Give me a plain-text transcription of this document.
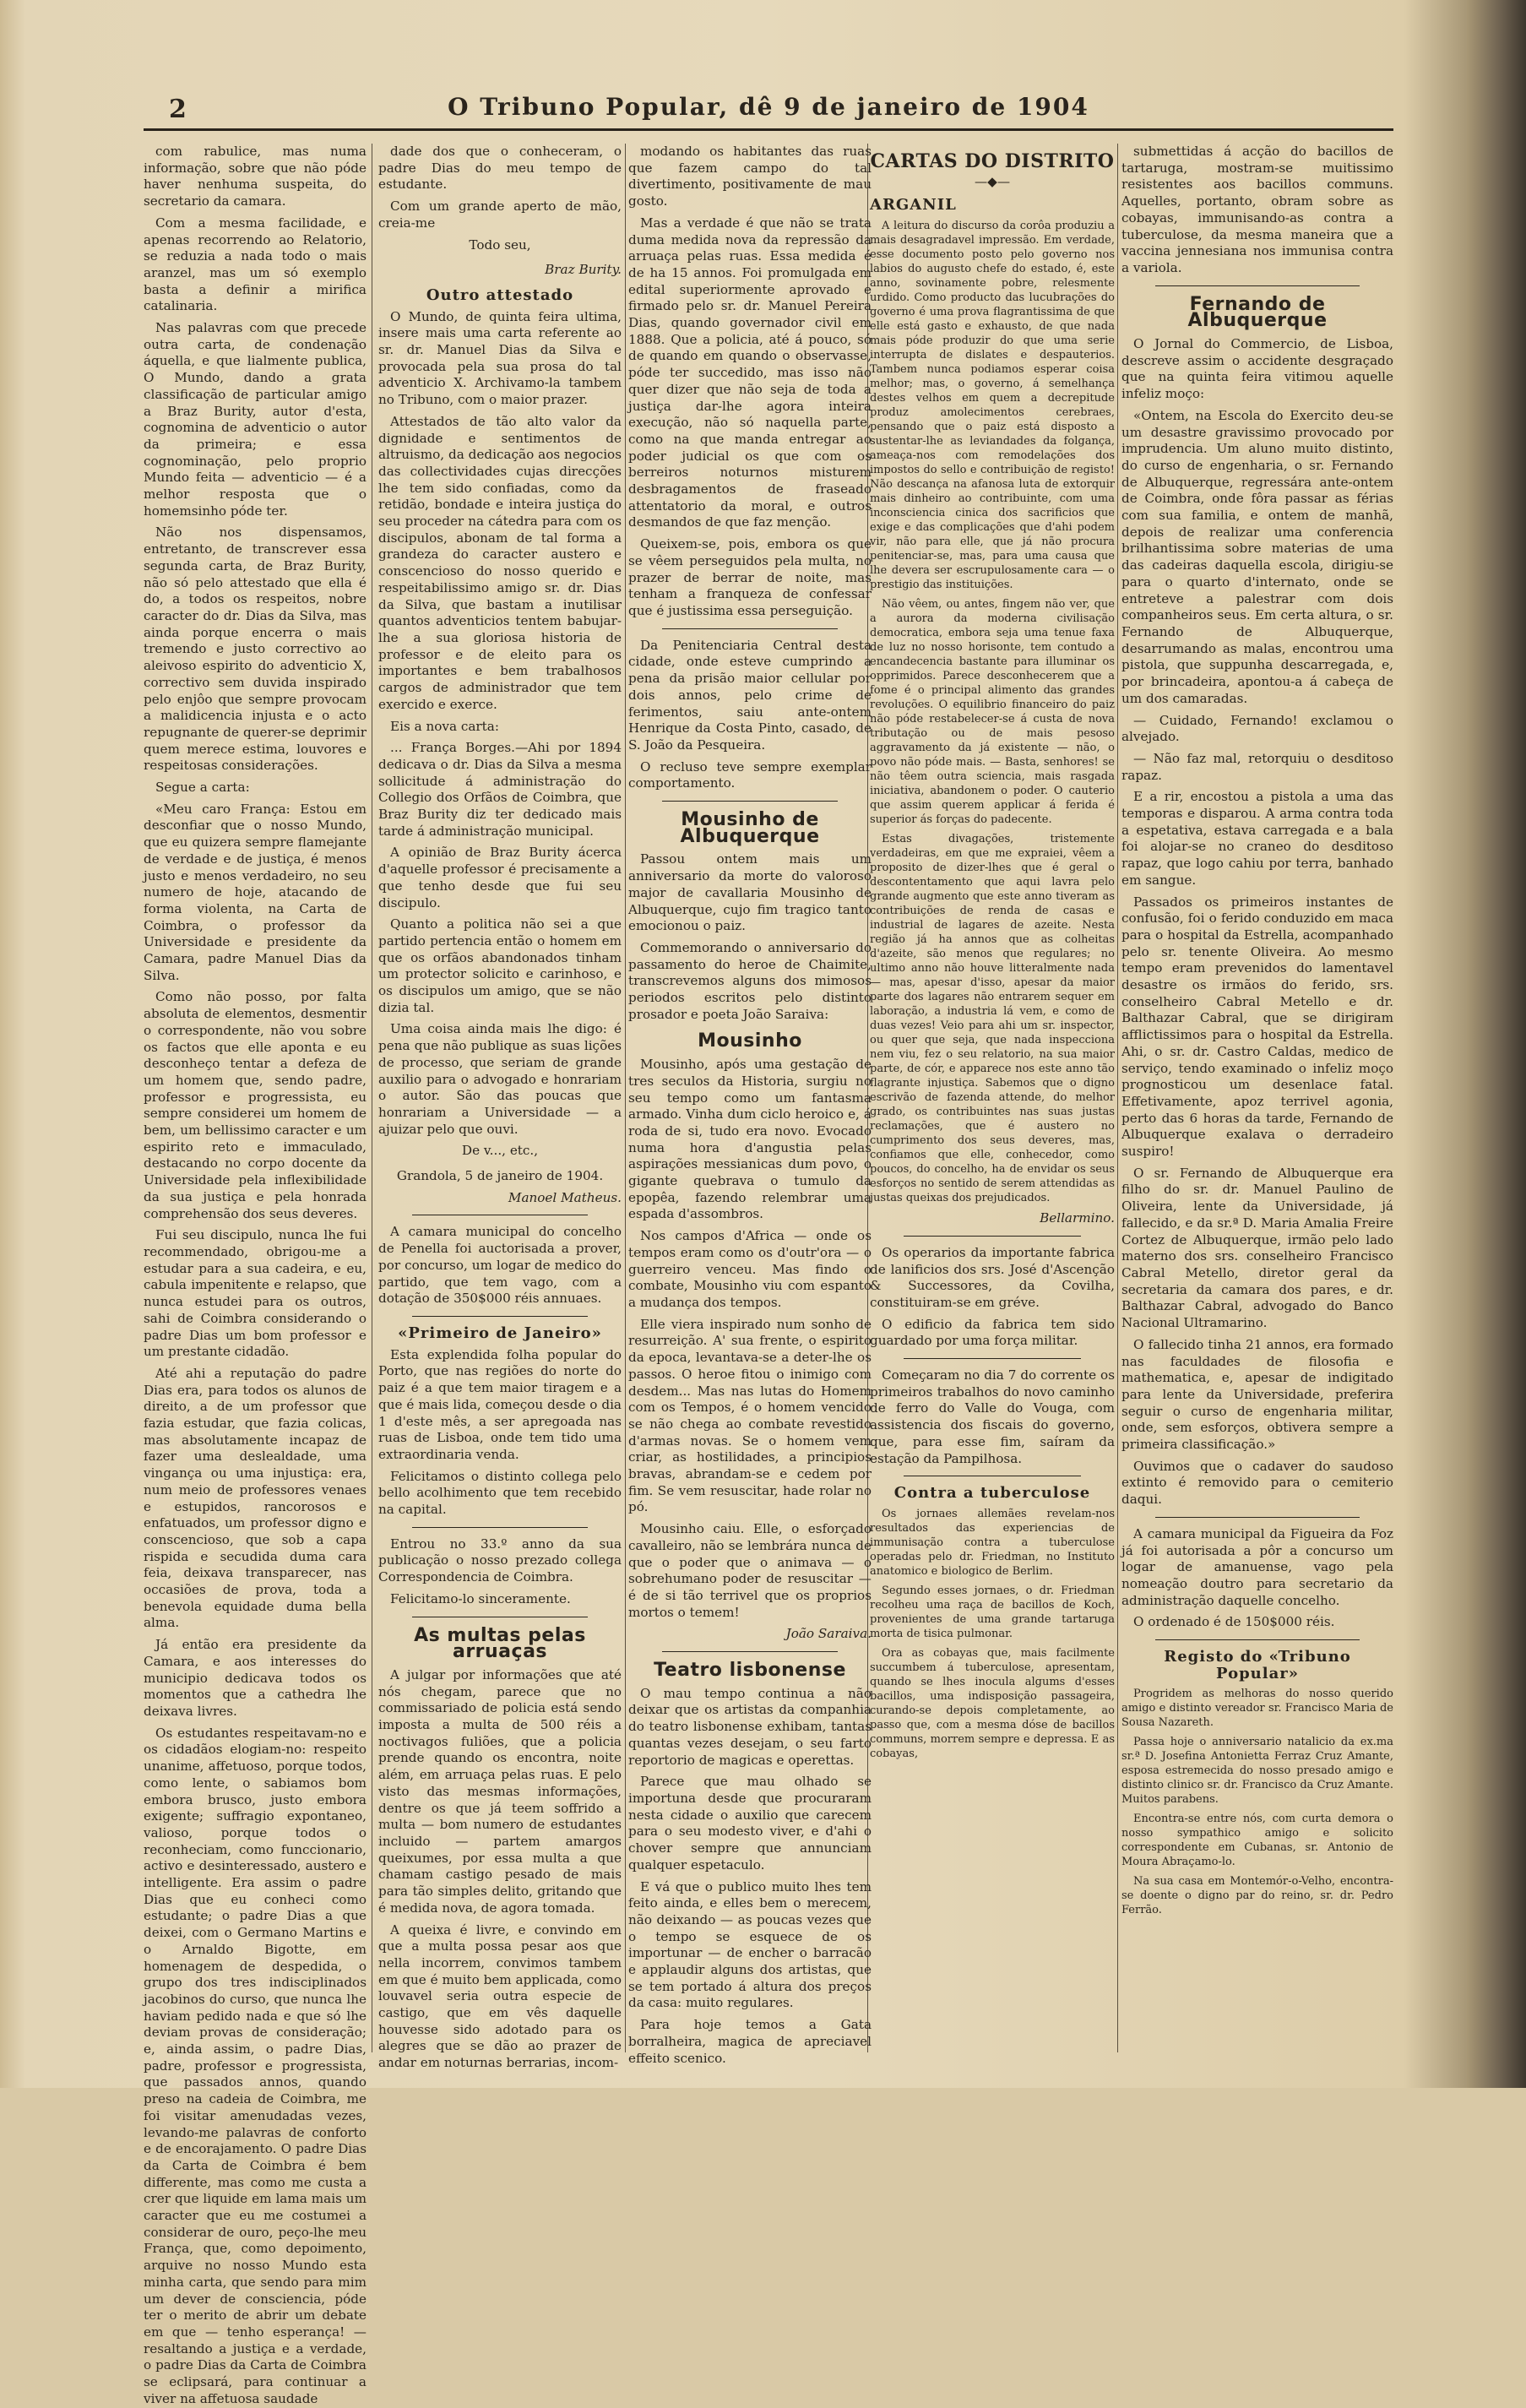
2	O Tribuno Popular, dê 9 de janeiro de 1904

com rabulice, mas numa informação, sobre que não póde haver nenhuma suspeita, do secretario da camara.

Com a mesma facilidade, e apenas recorrendo ao Relatorio, se reduzia a nada todo o mais aranzel, mas um só exemplo basta a definir a mirifica catalinaria.

Nas palavras com que precede outra carta, de condenação áquella, e que lialmente publica, O Mundo, dando a grata classificação de particular amigo a Braz Burity, autor d'esta, cognomina de adventicio o autor da primeira; e essa cognominação, pelo proprio Mundo feita — adventicio — é a melhor resposta que o homemsinho póde ter.

Não nos dispensamos, entretanto, de transcrever essa segunda carta, de Braz Burity, não só pelo attestado que ella é do, a todos os respeitos, nobre caracter do dr. Dias da Silva, mas ainda porque encerra o mais tremendo e justo correctivo ao aleivoso espirito do adventicio X, correctivo sem duvida inspirado pelo enjôo que sempre provocam a malidicencia injusta e o acto repugnante de querer-se deprimir quem merece estima, louvores e respeitosas considerações.

Segue a carta:

«Meu caro França: Estou em desconfiar que o nosso Mundo, que eu quizera sempre flamejante de verdade e de justiça, é menos justo e menos verdadeiro, no seu numero de hoje, atacando de forma violenta, na Carta de Coimbra, o professor da Universidade e presidente da Camara, padre Manuel Dias da Silva.

Como não posso, por falta absoluta de elementos, desmentir o correspondente, não vou sobre os factos que elle aponta e eu desconheço tentar a defeza de um homem que, sendo padre, professor e progressista, eu sempre considerei um homem de bem, um bellissimo caracter e um espirito reto e immaculado, destacando no corpo docente da Universidade pela inflexibilidade da sua justiça e pela honrada comprehensão dos seus deveres.

Fui seu discipulo, nunca lhe fui recommendado, obrigou-me a estudar para a sua cadeira, e eu, cabula impenitente e relapso, que nunca estudei para os outros, sahi de Coimbra considerando o padre Dias um bom professor e um prestante cidadão.

Até ahi a reputação do padre Dias era, para todos os alunos de direito, a de um professor que fazia estudar, que fazia colicas, mas absolutamente incapaz de fazer uma deslealdade, uma vingança ou uma injustiça: era, num meio de professores venaes e estupidos, rancorosos e enfatuados, um professor digno e conscencioso, que sob a capa rispida e secudida duma cara feia, deixava transparecer, nas occasiões de prova, toda a benevola equidade duma bella alma.

Já então era presidente da Camara, e aos interesses do municipio dedicava todos os momentos que a cathedra lhe deixava livres.

Os estudantes respeitavam-no e os cidadãos elogiam-no: respeito unanime, affetuoso, porque todos, como lente, o sabiamos bom embora brusco, justo embora exigente; suffragio expontaneo, valioso, porque todos o reconheciam, como funccionario, activo e desinteressado, austero e intelligente. Era assim o padre Dias que eu conheci como estudante; o padre Dias a que deixei, com o Germano Martins e o Arnaldo Bigotte, em homenagem de despedida, o grupo dos tres indisciplinados jacobinos do curso, que nunca lhe haviam pedido nada e que só lhe deviam provas de consideração; e, ainda assim, o padre Dias, padre, professor e progressista, que passados annos, quando preso na cadeia de Coimbra, me foi visitar amenudadas vezes, levando-me palavras de conforto e de encorajamento. O padre Dias da Carta de Coimbra é bem differente, mas como me custa a crer que liquide em lama mais um caracter que eu me costumei a considerar de ouro, peço-lhe meu França, que, como depoimento, arquive no nosso Mundo esta minha carta, que sendo para mim um dever de consciencia, póde ter o merito de abrir um debate em que — tenho esperança! — resaltando a justiça e a verdade, o padre Dias da Carta de Coimbra se eclipsará, para continuar a viver na affetuosa saudade

dade dos que o conheceram, o padre Dias do meu tempo de estudante.

Com um grande aperto de mão, creia-me

Todo seu,
Braz Burity.
Outro attestado

O Mundo, de quinta feira ultima, insere mais uma carta referente ao sr. dr. Manuel Dias da Silva e provocada pela sua prosa do tal adventicio X. Archivamo-la tambem no Tribuno, com o maior prazer.

Attestados de tão alto valor da dignidade e sentimentos de altruismo, da dedicação aos negocios das collectividades cujas direcções lhe tem sido confiadas, como da retidão, bondade e inteira justiça do seu proceder na cátedra para com os discipulos, abonam de tal forma a grandeza do caracter austero e conscencioso do nosso querido e respeitabilissimo amigo sr. dr. Dias da Silva, que bastam a inutilisar quantos adventicios tentem babujar-lhe a sua gloriosa historia de professor e de eleito para os importantes e bem trabalhosos cargos de administrador que tem exercido e exerce.

Eis a nova carta:

... França Borges.—Ahi por 1894 dedicava o dr. Dias da Silva a mesma sollicitude á administração do Collegio dos Orfãos de Coimbra, que Braz Burity diz ter dedicado mais tarde á administração municipal.

A opinião de Braz Burity ácerca d'aquelle professor é precisamente a que tenho desde que fui seu discipulo.

Quanto a politica não sei a que partido pertencia então o homem em que os orfãos abandonados tinham um protector solicito e carinhoso, e os discipulos um amigo, que se não dizia tal.

Uma coisa ainda mais lhe digo: é pena que não publique as suas lições de processo, que seriam de grande auxilio para o advogado e honrariam o autor. São das poucas que honrariam a Universidade — a ajuizar pelo que ouvi.

De v..., etc.,
Grandola, 5 de janeiro de 1904.
Manoel Matheus.

A camara municipal do concelho de Penella foi auctorisada a prover, por concurso, um logar de medico do partido, que tem vago, com a dotação de 350$000 réis annuaes.

«Primeiro de Janeiro»

Esta explendida folha popular do Porto, que nas regiões do norte do paiz é a que tem maior tiragem e a que é mais lida, começou desde o dia 1 d'este mês, a ser apregoada nas ruas de Lisboa, onde tem tido uma extraordinaria venda.

Felicitamos o distinto collega pelo bello acolhimento que tem recebido na capital.

Entrou no 33.º anno da sua publicação o nosso prezado collega Correspondencia de Coimbra.

Felicitamo-lo sinceramente.

As multas pelas arruaças

A julgar por informações que até nós chegam, parece que no commissariado de policia está sendo imposta a multa de 500 réis a noctivagos fuliões, que a policia prende quando os encontra, noite além, em arruaça pelas ruas. E pelo visto das mesmas informações, dentre os que já teem soffrido a multa — bom numero de estudantes incluido — partem amargos queixumes, por essa multa a que chamam castigo pesado de mais para tão simples delito, gritando que é medida nova, de agora tomada.

A queixa é livre, e convindo em que a multa possa pesar aos que nella incorrem, convimos tambem em que é muito bem applicada, como louvavel seria outra especie de castigo, que em vês daquelle houvesse sido adotado para os alegres que se dão ao prazer de andar em noturnas berrarias, incom-

modando os habitantes das ruas que fazem campo do tal divertimento, positivamente de mau gosto.

Mas a verdade é que não se trata duma medida nova da repressão da arruaça pelas ruas. Essa medida é de ha 15 annos. Foi promulgada em edital superiormente aprovado e firmado pelo sr. dr. Manuel Pereira Dias, quando governador civil em 1888. Que a policia, até á pouco, só de quando em quando o observasse, póde ter succedido, mas isso não quer dizer que não seja de toda a justiça dar-lhe agora inteira execução, não só naquella parte, como na que manda entregar ao poder judicial os que com os berreiros noturnos misturem desbragamentos de fraseado attentatorio da moral, e outros desmandos de que faz menção.

Queixem-se, pois, embora os que se vêem perseguidos pela multa, no prazer de berrar de noite, mas tenham a franqueza de confessar que é justissima essa perseguição.

Da Penitenciaria Central desta cidade, onde esteve cumprindo a pena da prisão maior cellular por dois annos, pelo crime de ferimentos, saiu ante-ontem Henrique da Costa Pinto, casado, de S. João da Pesqueira.

O recluso teve sempre exemplar comportamento.

Mousinho de Albuquerque

Passou ontem mais um anniversario da morte do valoroso major de cavallaria Mousinho de Albuquerque, cujo fim tragico tanto emocionou o paiz.

Commemorando o anniversario do passamento do heroe de Chaimite, transcrevemos alguns dos mimosos periodos escritos pelo distinto prosador e poeta João Saraiva:

Mousinho

Mousinho, após uma gestação de tres seculos da Historia, surgiu no seu tempo como um fantasma armado. Vinha dum ciclo heroico e, á roda de si, tudo era novo. Evocado numa hora d'angustia pelas aspirações messianicas dum povo, o gigante quebrava o tumulo da epopêa, fazendo relembrar uma espada d'assombros.

Nos campos d'Africa — onde os tempos eram como os d'outr'ora — o guerreiro venceu. Mas findo o combate, Mousinho viu com espanto a mudança dos tempos.

Elle viera inspirado num sonho de resurreição. A' sua frente, o espirito da epoca, levantava-se a deter-lhe os passos. O heroe fitou o inimigo com desdem... Mas nas lutas do Homem com os Tempos, é o homem vencido se não chega ao combate revestido d'armas novas. Se o homem vem criar, as hostilidades, a principios bravas, abrandam-se e cedem por fim. Se vem resuscitar, hade rolar no pó.

Mousinho caiu. Elle, o esforçado cavalleiro, não se lembrára nunca de que o poder que o animava — o sobrehumano poder de resuscitar — é de si tão terrivel que os proprios mortos o temem!

João Saraiva.
Teatro lisbonense

O mau tempo continua a não deixar que os artistas da companhia do teatro lisbonense exhibam, tantas quantas vezes desejam, o seu farto reportorio de magicas e operettas.

Parece que mau olhado se importuna desde que procuraram nesta cidade o auxilio que carecem para o seu modesto viver, e d'ahi o chover sempre que annunciam qualquer espetaculo.

E vá que o publico muito lhes tem feito ainda, e elles bem o merecem, não deixando — as poucas vezes que o tempo se esquece de os importunar — de encher o barracão e applaudir alguns dos artistas, que se tem portado á altura dos preços da casa: muito regulares.

Para hoje temos a Gata borralheira, magica de apreciavel effeito scenico.

CARTAS DO DISTRITO
—◆—
ARGANIL

A leitura do discurso da corôa produziu a mais desagradavel impressão. Em verdade, esse documento posto pelo governo nos labios do augusto chefe do estado, é, este anno, sovinamente pobre, relesmente urdido. Como producto das lucubrações do governo é uma prova flagrantissima de que elle está gasto e exhausto, de que nada mais póde produzir do que uma serie interrupta de dislates e despauterios. Tambem nunca podiamos esperar coisa melhor; mas, o governo, á semelhança destes velhos em quem a decrepitude produz amolecimentos cerebraes, pensando que o paiz está disposto a sustentar-lhe as leviandades da folgança, ameaça-nos com remodelações dos impostos do sello e contribuição de registo! Não descança na afanosa luta de extorquir mais dinheiro ao contribuinte, com uma inconsciencia cinica dos sacrificios que exige e das complicações que d'ahi podem vir, não para elle, que já não procura penitenciar-se, mas, para uma causa que lhe devera ser escrupulosamente cara — o prestigio das instituições.

Não vêem, ou antes, fingem não ver, que a aurora da moderna civilisação democratica, embora seja uma tenue faxa de luz no nosso horisonte, tem contudo a encandecencia bastante para illuminar os opprimidos. Parece desconhecerem que a fome é o principal alimento das grandes revoluções. O equilibrio financeiro do paiz não póde restabelecer-se á custa de nova tributação ou de mais pesoso aggravamento da já existente — não, o povo não póde mais. — Basta, senhores! se não têem outra sciencia, mais rasgada iniciativa, abandonem o poder. O cauterio que assim querem applicar á ferida é superior ás forças do padecente.

Estas divagações, tristemente verdadeiras, em que me expraiei, vêem a proposito de dizer-lhes que é geral o descontentamento que aqui lavra pelo grande augmento que este anno tiveram as contribuições de renda de casas e industrial de lagares de azeite. Nesta região já ha annos que as colheitas d'azeite, são menos que regulares; no ultimo anno não houve litteralmente nada — mas, apesar d'isso, apesar da maior parte dos lagares não entrarem sequer em laboração, a industria lá vem, e como de duas vezes! Veio para ahi um sr. inspector, ou quer que seja, que nada inspecciona nem viu, fez o seu relatorio, na sua maior parte, de cór, e apparece nos este anno tão flagrante injustiça. Sabemos que o digno escrivão de fazenda attende, do melhor grado, os contribuintes nas suas justas reclamações, que é austero no cumprimento dos seus deveres, mas, confiamos que elle, conhecedor, como poucos, do concelho, ha de envidar os seus esforços no sentido de serem attendidas as justas queixas dos prejudicados.

Bellarmino.

Os operarios da importante fabrica de lanificios dos srs. José d'Ascenção & Successores, da Covilha, constituiram-se em gréve.

O edificio da fabrica tem sido guardado por uma força militar.

Começaram no dia 7 do corrente os primeiros trabalhos do novo caminho de ferro do Valle do Vouga, com assistencia dos fiscais do governo, que, para esse fim, saíram da estação da Pampilhosa.

Contra a tuberculose

Os jornaes allemães revelam-nos resultados das experiencias de immunisação contra a tuberculose operadas pelo dr. Friedman, no Instituto anatomico e biologico de Berlim.

Segundo esses jornaes, o dr. Friedman recolheu uma raça de bacillos de Koch, provenientes de uma grande tartaruga morta de tisica pulmonar.

Ora as cobayas que, mais facilmente succumbem á tuberculose, apresentam, quando se lhes inocula algums d'esses bacillos, uma indisposição passageira, curando-se depois completamente, ao passo que, com a mesma dóse de bacillos communs, morrem sempre e depressa. E as cobayas,

submettidas á acção do bacillos de tartaruga, mostram-se muitissimo resistentes aos bacillos communs. Aquelles, portanto, obram sobre as cobayas, immunisando-as contra a tuberculose, da mesma maneira que a vaccina jennesiana nos immunisa contra a variola.

Fernando de Albuquerque

O Jornal do Commercio, de Lisboa, descreve assim o accidente desgraçado que na quinta feira vitimou aquelle infeliz moço:

«Ontem, na Escola do Exercito deu-se um desastre gravissimo provocado por imprudencia. Um aluno muito distinto, do curso de engenharia, o sr. Fernando de Albuquerque, regressára ante-ontem de Coimbra, onde fôra passar as férias com sua familia, e ontem de manhã, depois de realizar uma conferencia brilhantissima sobre materias de uma das cadeiras daquella escola, dirigiu-se para o quarto d'internato, onde se entreteve a palestrar com dois companheiros seus. Em certa altura, o sr. Fernando de Albuquerque, desarrumando as malas, encontrou uma pistola, que suppunha descarregada, e, por brincadeira, apontou-a á cabeça de um dos camaradas.

— Cuidado, Fernando! exclamou o alvejado.

— Não faz mal, retorquiu o desditoso rapaz.

E a rir, encostou a pistola a uma das temporas e disparou. A arma contra toda a espetativa, estava carregada e a bala foi alojar-se no craneo do desditoso rapaz, que logo cahiu por terra, banhado em sangue.

Passados os primeiros instantes de confusão, foi o ferido conduzido em maca para o hospital da Estrella, acompanhado pelo sr. tenente Oliveira. Ao mesmo tempo eram prevenidos do lamentavel desastre os irmãos do ferido, srs. conselheiro Cabral Metello e dr. Balthazar Cabral, que se dirigiram afflictissimos para o hospital da Estrella. Ahi, o sr. dr. Castro Caldas, medico de serviço, tendo examinado o infeliz moço prognosticou um desenlace fatal. Effetivamente, apoz terrivel agonia, perto das 6 horas da tarde, Fernando de Albuquerque exalava o derradeiro suspiro!

O sr. Fernando de Albuquerque era filho do sr. dr. Manuel Paulino de Oliveira, lente da Universidade, já fallecido, e da sr.ª D. Maria Amalia Freire Cortez de Albuquerque, irmão pelo lado materno dos srs. conselheiro Francisco Cabral Metello, diretor geral da secretaria da camara dos pares, e dr. Balthazar Cabral, advogado do Banco Nacional Ultramarino.

O fallecido tinha 21 annos, era formado nas faculdades de filosofia e mathematica, e, apesar de indigitado para lente da Universidade, preferira seguir o curso de engenharia militar, onde, sem esforços, obtivera sempre a primeira classificação.»

Ouvimos que o cadaver do saudoso extinto é removido para o cemiterio daqui.

A camara municipal da Figueira da Foz já foi autorisada a pôr a concurso um logar de amanuense, vago pela nomeação doutro para secretario da administração daquelle concelho.

O ordenado é de 150$000 réis.

Registo do «Tribuno Popular»

Progridem as melhoras do nosso querido amigo e distinto vereador sr. Francisco Maria de Sousa Nazareth.

Passa hoje o anniversario natalicio da ex.ma sr.ª D. Josefina Antonietta Ferraz Cruz Amante, esposa estremecida do nosso presado amigo e distinto clinico sr. dr. Francisco da Cruz Amante. Muitos parabens.

Encontra-se entre nós, com curta demora o nosso sympathico amigo e solicito correspondente em Cubanas, sr. Antonio de Moura Abraçamo-lo.

Na sua casa em Montemór-o-Velho, encontra-se doente o digno par do reino, sr. dr. Pedro Ferrão.
